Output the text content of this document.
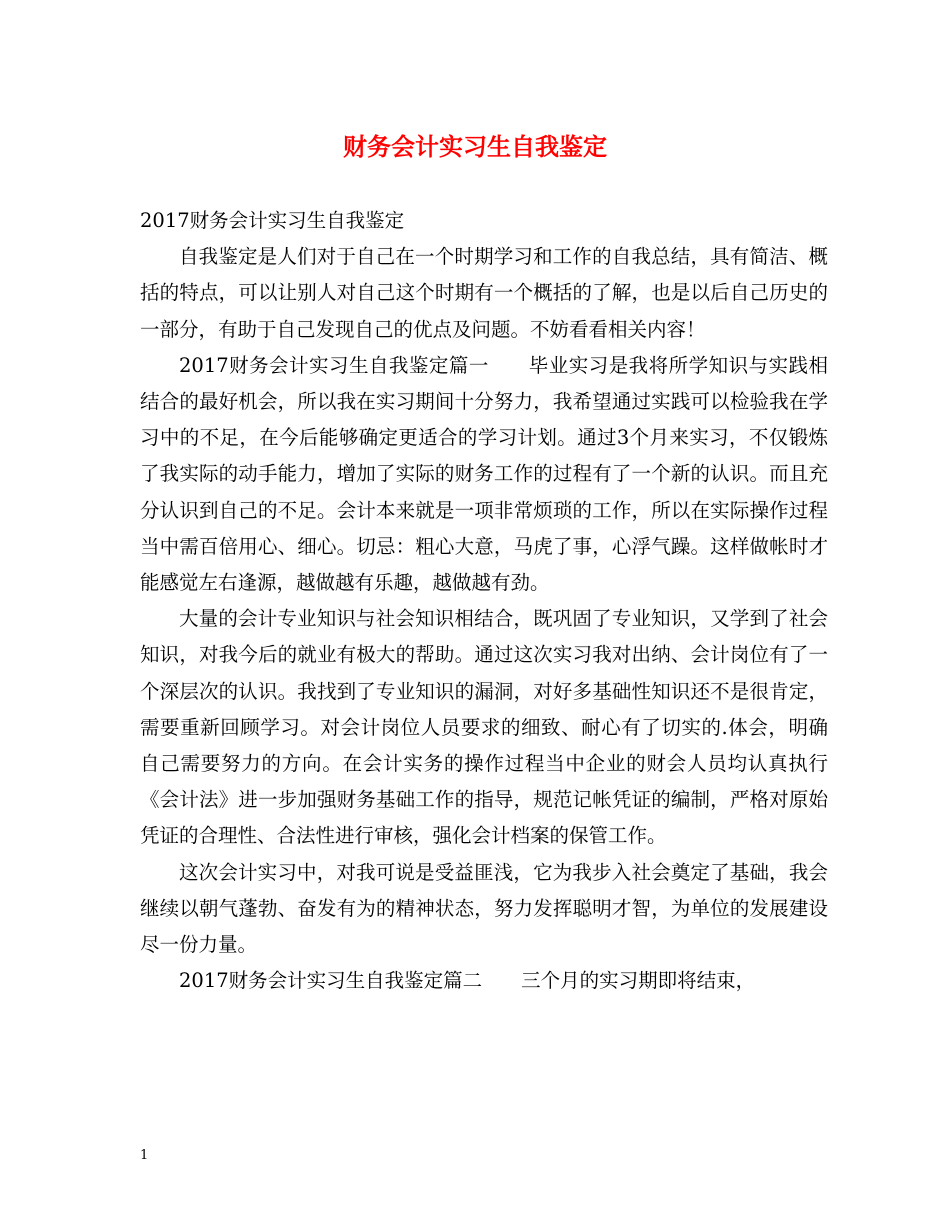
财务会计实习生自我鉴定

2017财务会计实习生自我鉴定

自我鉴定是人们对于自己在一个时期学习和工作的自我总结，具有简洁、概括的特点，可以让别人对自己这个时期有一个概括的了解，也是以后自己历史的一部分，有助于自己发现自己的优点及问题。不妨看看相关内容！

2017财务会计实习生自我鉴定篇一　　毕业实习是我将所学知识与实践相结合的最好机会，所以我在实习期间十分努力，我希望通过实践可以检验我在学习中的不足，在今后能够确定更适合的学习计划。通过3个月来实习，不仅锻炼了我实际的动手能力，增加了实际的财务工作的过程有了一个新的认识。而且充分认识到自己的不足。会计本来就是一项非常烦琐的工作，所以在实际操作过程当中需百倍用心、细心。切忌：粗心大意，马虎了事，心浮气躁。这样做帐时才能感觉左右逢源，越做越有乐趣，越做越有劲。

大量的会计专业知识与社会知识相结合，既巩固了专业知识，又学到了社会知识，对我今后的就业有极大的帮助。通过这次实习我对出纳、会计岗位有了一个深层次的认识。我找到了专业知识的漏洞，对好多基础性知识还不是很肯定，需要重新回顾学习。对会计岗位人员要求的细致、耐心有了切实的.体会，明确自己需要努力的方向。在会计实务的操作过程当中企业的财会人员均认真执行《会计法》进一步加强财务基础工作的指导，规范记帐凭证的编制，严格对原始凭证的合理性、合法性进行审核，强化会计档案的保管工作。

这次会计实习中，对我可说是受益匪浅，它为我步入社会奠定了基础，我会继续以朝气蓬勃、奋发有为的精神状态，努力发挥聪明才智，为单位的发展建设尽一份力量。

2017财务会计实习生自我鉴定篇二　　三个月的实习期即将结束，

1
